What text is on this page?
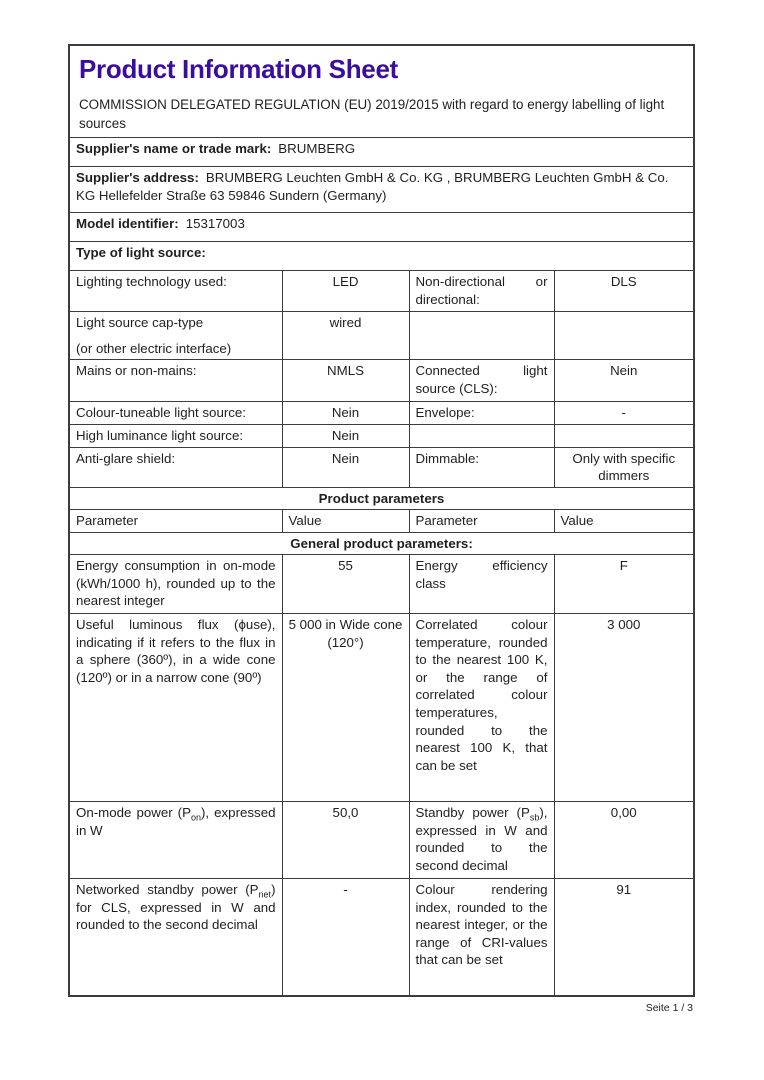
Product Information Sheet
COMMISSION DELEGATED REGULATION (EU) 2019/2015 with regard to energy labelling of light sources

Supplier's name or trade mark: BRUMBERG			
Supplier's address: BRUMBERG Leuchten GmbH & Co. KG , BRUMBERG Leuchten GmbH & Co. KG Hellefelder Straße 63 59846 Sundern (Germany)			
Model identifier: 15317003			
Type of light source:			

Lighting technology used:	LED	Non-directional or directional:	DLS

Light source cap-type
(or other electric interface)	wired		

Mains or non-mains:	NMLS	Connected light source (CLS):	Nein

Colour-tuneable light source:	Nein	Envelope:	-

High luminance light source:	Nein		

Anti-glare shield:	Nein	Dimmable:	Only with specific dimmers

Product parameters			
Parameter	Value	Parameter	Value
General product parameters:			

Energy consumption in on-mode (kWh/1000 h), rounded up to the nearest integer	55	Energy efficiency class	F

Useful luminous flux (ϕuse), indicating if it refers to the flux in a sphere (360º), in a wide cone (120º) or in a narrow cone (90º)	5 000 in Wide cone (120°)	Correlated colour temperature, rounded to the nearest 100 K, or the range of correlated colour temperatures, rounded to the nearest 100 K, that can be set	3 000

On-mode power $(P_{on})$, expressed in W	50,0	Standby power $(P_{sb})$, expressed in W and rounded to the second decimal	0,00

Networked standby power $(P_{net})$ for CLS, expressed in W and rounded to the second decimal	-	Colour rendering index, rounded to the nearest integer, or the range of CRI-values that can be set	91
Seite 1 / 3
